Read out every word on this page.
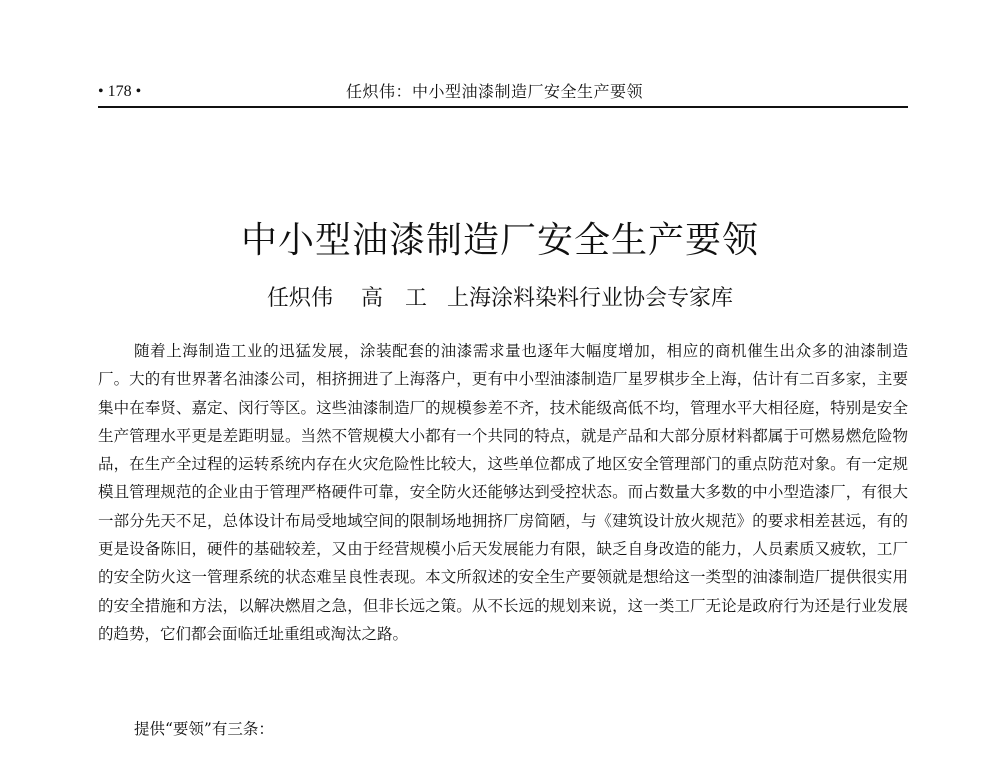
• 178 •	任炽伟：中小型油漆制造厂安全生产要领
中小型油漆制造厂安全生产要领
任炽伟 高　工 上海涂料染料行业协会专家库

随着上海制造工业的迅猛发展，涂装配套的油漆需求量也逐年大幅度增加，相应的商机催生出众多的油漆制造厂。大的有世界著名油漆公司，相挤拥进了上海落户，更有中小型油漆制造厂星罗棋步全上海，估计有二百多家，主要集中在奉贤、嘉定、闵行等区。这些油漆制造厂的规模参差不齐，技术能级高低不均，管理水平大相径庭，特别是安全生产管理水平更是差距明显。当然不管规模大小都有一个共同的特点，就是产品和大部分原材料都属于可燃易燃危险物品，在生产全过程的运转系统内存在火灾危险性比较大，这些单位都成了地区安全管理部门的重点防范对象。有一定规模且管理规范的企业由于管理严格硬件可靠，安全防火还能够达到受控状态。而占数量大多数的中小型造漆厂，有很大一部分先天不足，总体设计布局受地域空间的限制场地拥挤厂房简陋，与《建筑设计放火规范》的要求相差甚远，有的更是设备陈旧，硬件的基础较差，又由于经营规模小后天发展能力有限，缺乏自身改造的能力，人员素质又疲软，工厂的安全防火这一管理系统的状态难呈良性表现。本文所叙述的安全生产要领就是想给这一类型的油漆制造厂提供很实用的安全措施和方法，以解决燃眉之急，但非长远之策。从不长远的规划来说，这一类工厂无论是政府行为还是行业发展的趋势，它们都会面临迁址重组或淘汰之路。

提供“要领”有三条：
